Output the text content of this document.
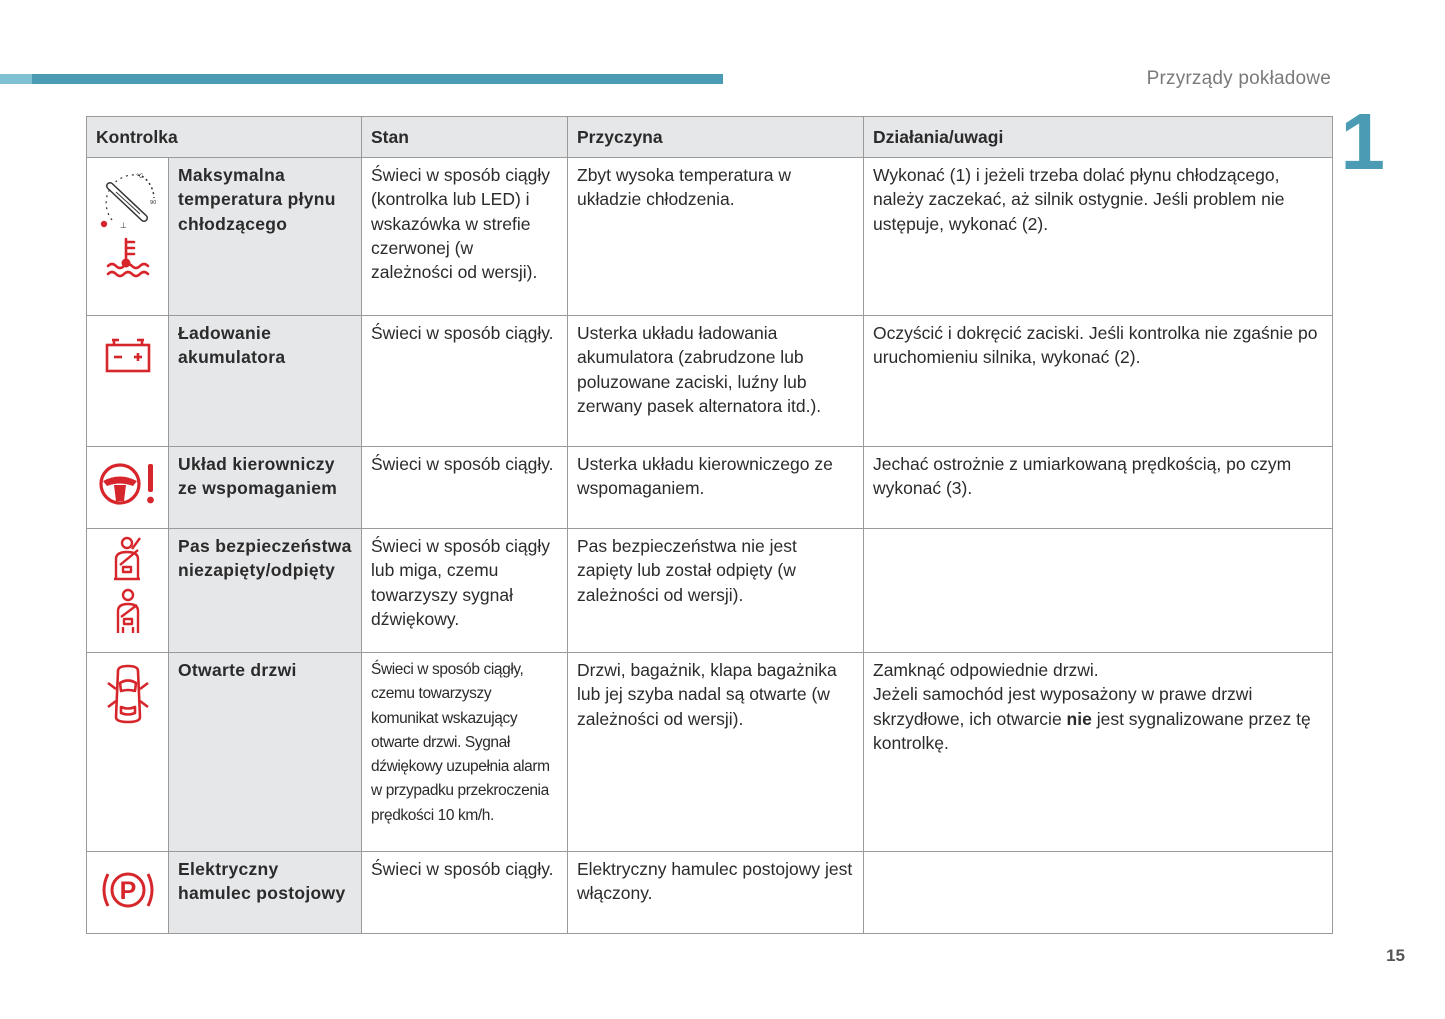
Przyrządy pokładowe
1
Kontrolka		Stan	Przyczyna	Działania/uwagi

⊥
°C
90	Maksymalna temperatura płynu chłodzącego	Świeci w sposób ciągły (kontrolka lub LED) i wskazówka w strefie czerwonej (w zależności od wersji).	Zbyt wysoka temperatura w układzie chłodzenia.	Wykonać (1) i jeżeli trzeba dolać płynu chłodzącego, należy zaczekać, aż silnik ostygnie. Jeśli problem nie ustępuje, wykonać (2).

	Ładowanie akumulatora	Świeci w sposób ciągły.	Usterka układu ładowania akumulatora (zabrudzone lub poluzowane zaciski, luźny lub zerwany pasek alternatora itd.).	Oczyścić i dokręcić zaciski. Jeśli kontrolka nie zgaśnie po uruchomieniu silnika, wykonać (2).

	Układ kierowniczy ze wspomaganiem	Świeci w sposób ciągły.	Usterka układu kierowniczego ze wspomaganiem.	Jechać ostrożnie z umiarkowaną prędkością, po czym wykonać (3).

	Pas bezpieczeństwa niezapięty/odpięty	Świeci w sposób ciągły lub miga, czemu towarzyszy sygnał dźwiękowy.	Pas bezpieczeństwa nie jest zapięty lub został odpięty (w zależności od wersji).	

	Otwarte drzwi	Świeci w sposób ciągły, czemu towarzyszy komunikat wskazujący otwarte drzwi. Sygnał dźwiękowy uzupełnia alarm w przypadku przekroczenia prędkości 10 km/h.	Drzwi, bagażnik, klapa bagażnika lub jej szyba nadal są otwarte (w zależności od wersji).	Zamknąć odpowiednie drzwi.
Jeżeli samochód jest wyposażony w prawe drzwi skrzydłowe, ich otwarcie nie jest sygnalizowane przez tę kontrolkę.

P	Elektryczny hamulec postojowy	Świeci w sposób ciągły.	Elektryczny hamulec postojowy jest włączony.	
15
